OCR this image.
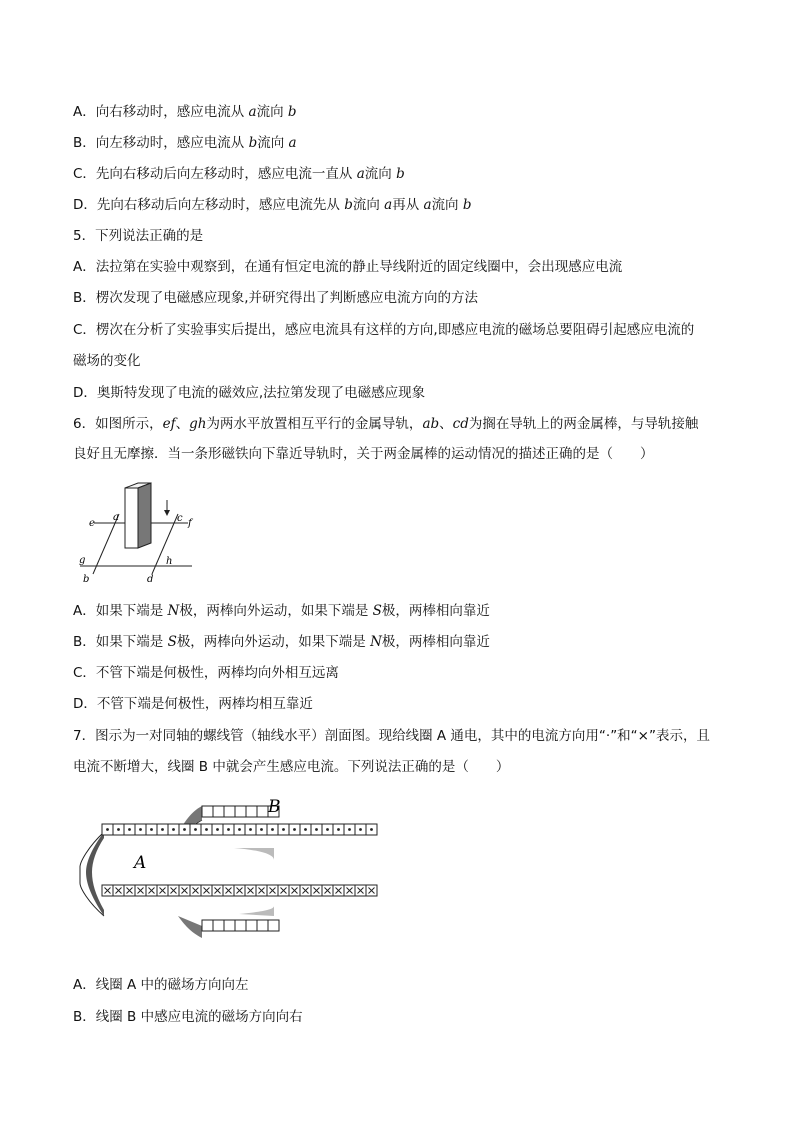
A．向右移动时，感应电流从 a流向 b
B．向左移动时，感应电流从 b流向 a
C．先向右移动后向左移动时，感应电流一直从 a流向 b
D．先向右移动后向左移动时，感应电流先从 b流向 a再从 a流向 b
5．下列说法正确的是
A．法拉第在实验中观察到，在通有恒定电流的静止导线附近的固定线圈中，会出现感应电流
B．楞次发现了电磁感应现象,并研究得出了判断感应电流方向的方法
C．楞次在分析了实验事实后提出，感应电流具有这样的方向,即感应电流的磁场总要阻碍引起感应电流的
磁场的变化
D．奥斯特发现了电流的磁效应,法拉第发现了电磁感应现象
6．如图所示，ef、gh为两水平放置相互平行的金属导轨，ab、cd为搁在导轨上的两金属棒，与导轨接触
良好且无摩擦．当一条形磁铁向下靠近导轨时，关于两金属棒的运动情况的描述正确的是（　　）
e
a	c f
g	h
b	d
A．如果下端是 N极，两棒向外运动，如果下端是 S极，两棒相向靠近
B．如果下端是 S极，两棒向外运动，如果下端是 N极，两棒相向靠近
C．不管下端是何极性，两棒均向外相互远离
D．不管下端是何极性，两棒均相互靠近
7．图示为一对同轴的螺线管（轴线水平）剖面图。现给线圈 A 通电，其中的电流方向用“·”和“×”表示，且
电流不断增大，线圈 B 中就会产生感应电流。下列说法正确的是（　　）
B
A
A．线圈 A 中的磁场方向向左
B．线圈 B 中感应电流的磁场方向向右
